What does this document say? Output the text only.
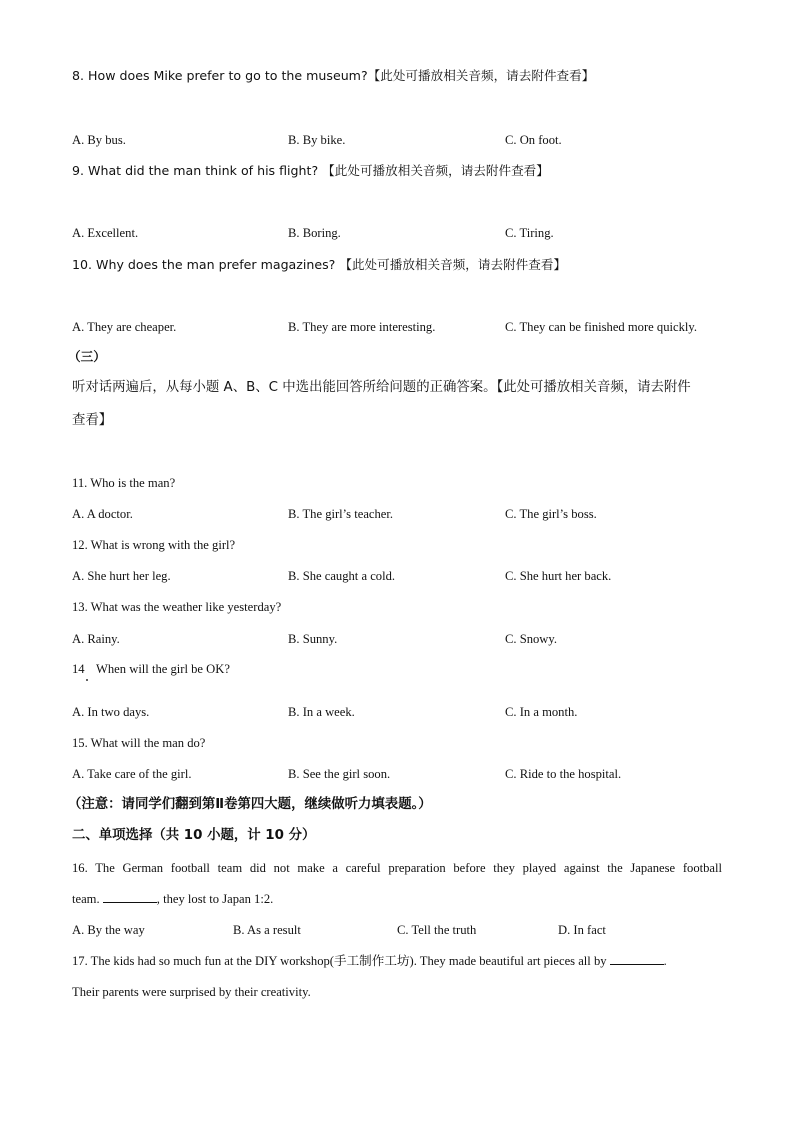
8. How does Mike prefer to go to the museum?【此处可播放相关音频，请去附件查看】
A. By bus.	B. By bike.	C. On foot.
9. What did the man think of his flight? 【此处可播放相关音频，请去附件查看】
A. Excellent.	B. Boring.	C. Tiring.
10. Why does the man prefer magazines? 【此处可播放相关音频，请去附件查看】
A. They are cheaper.	B. They are more interesting.	C. They can be finished more quickly.
（三）
听对话两遍后，从每小题 A、B、C 中选出能回答所给问题的正确答案。【此处可播放相关音频，请去附件
查看】
11. Who is the man?
A. A doctor.	B. The girl’s teacher.	C. The girl’s boss.
12. What is wrong with the girl?
A. She hurt her leg.	B. She caught a cold.	C. She hurt her back.
13. What was the weather like yesterday?
A. Rainy.	B. Sunny.	C. Snowy.
14 When will the girl be OK?
A. In two days.	B. In a week.	C. In a month.
15. What will the man do?
A. Take care of the girl.	B. See the girl soon.	C. Ride to the hospital.
（注意：请同学们翻到第Ⅱ卷第四大题，继续做听力填表题。）
二、单项选择（共 10 小题，计 10 分）
16. The German football team did not make a careful preparation before they played against the Japanese football
team.	, they lost to Japan 1:2.
A. By the way	B. As a result	C. Tell the truth	D. In fact
17. The kids had so much fun at the DIY workshop(手工制作工坊). They made beautiful art pieces all by	.
Their parents were surprised by their creativity.
